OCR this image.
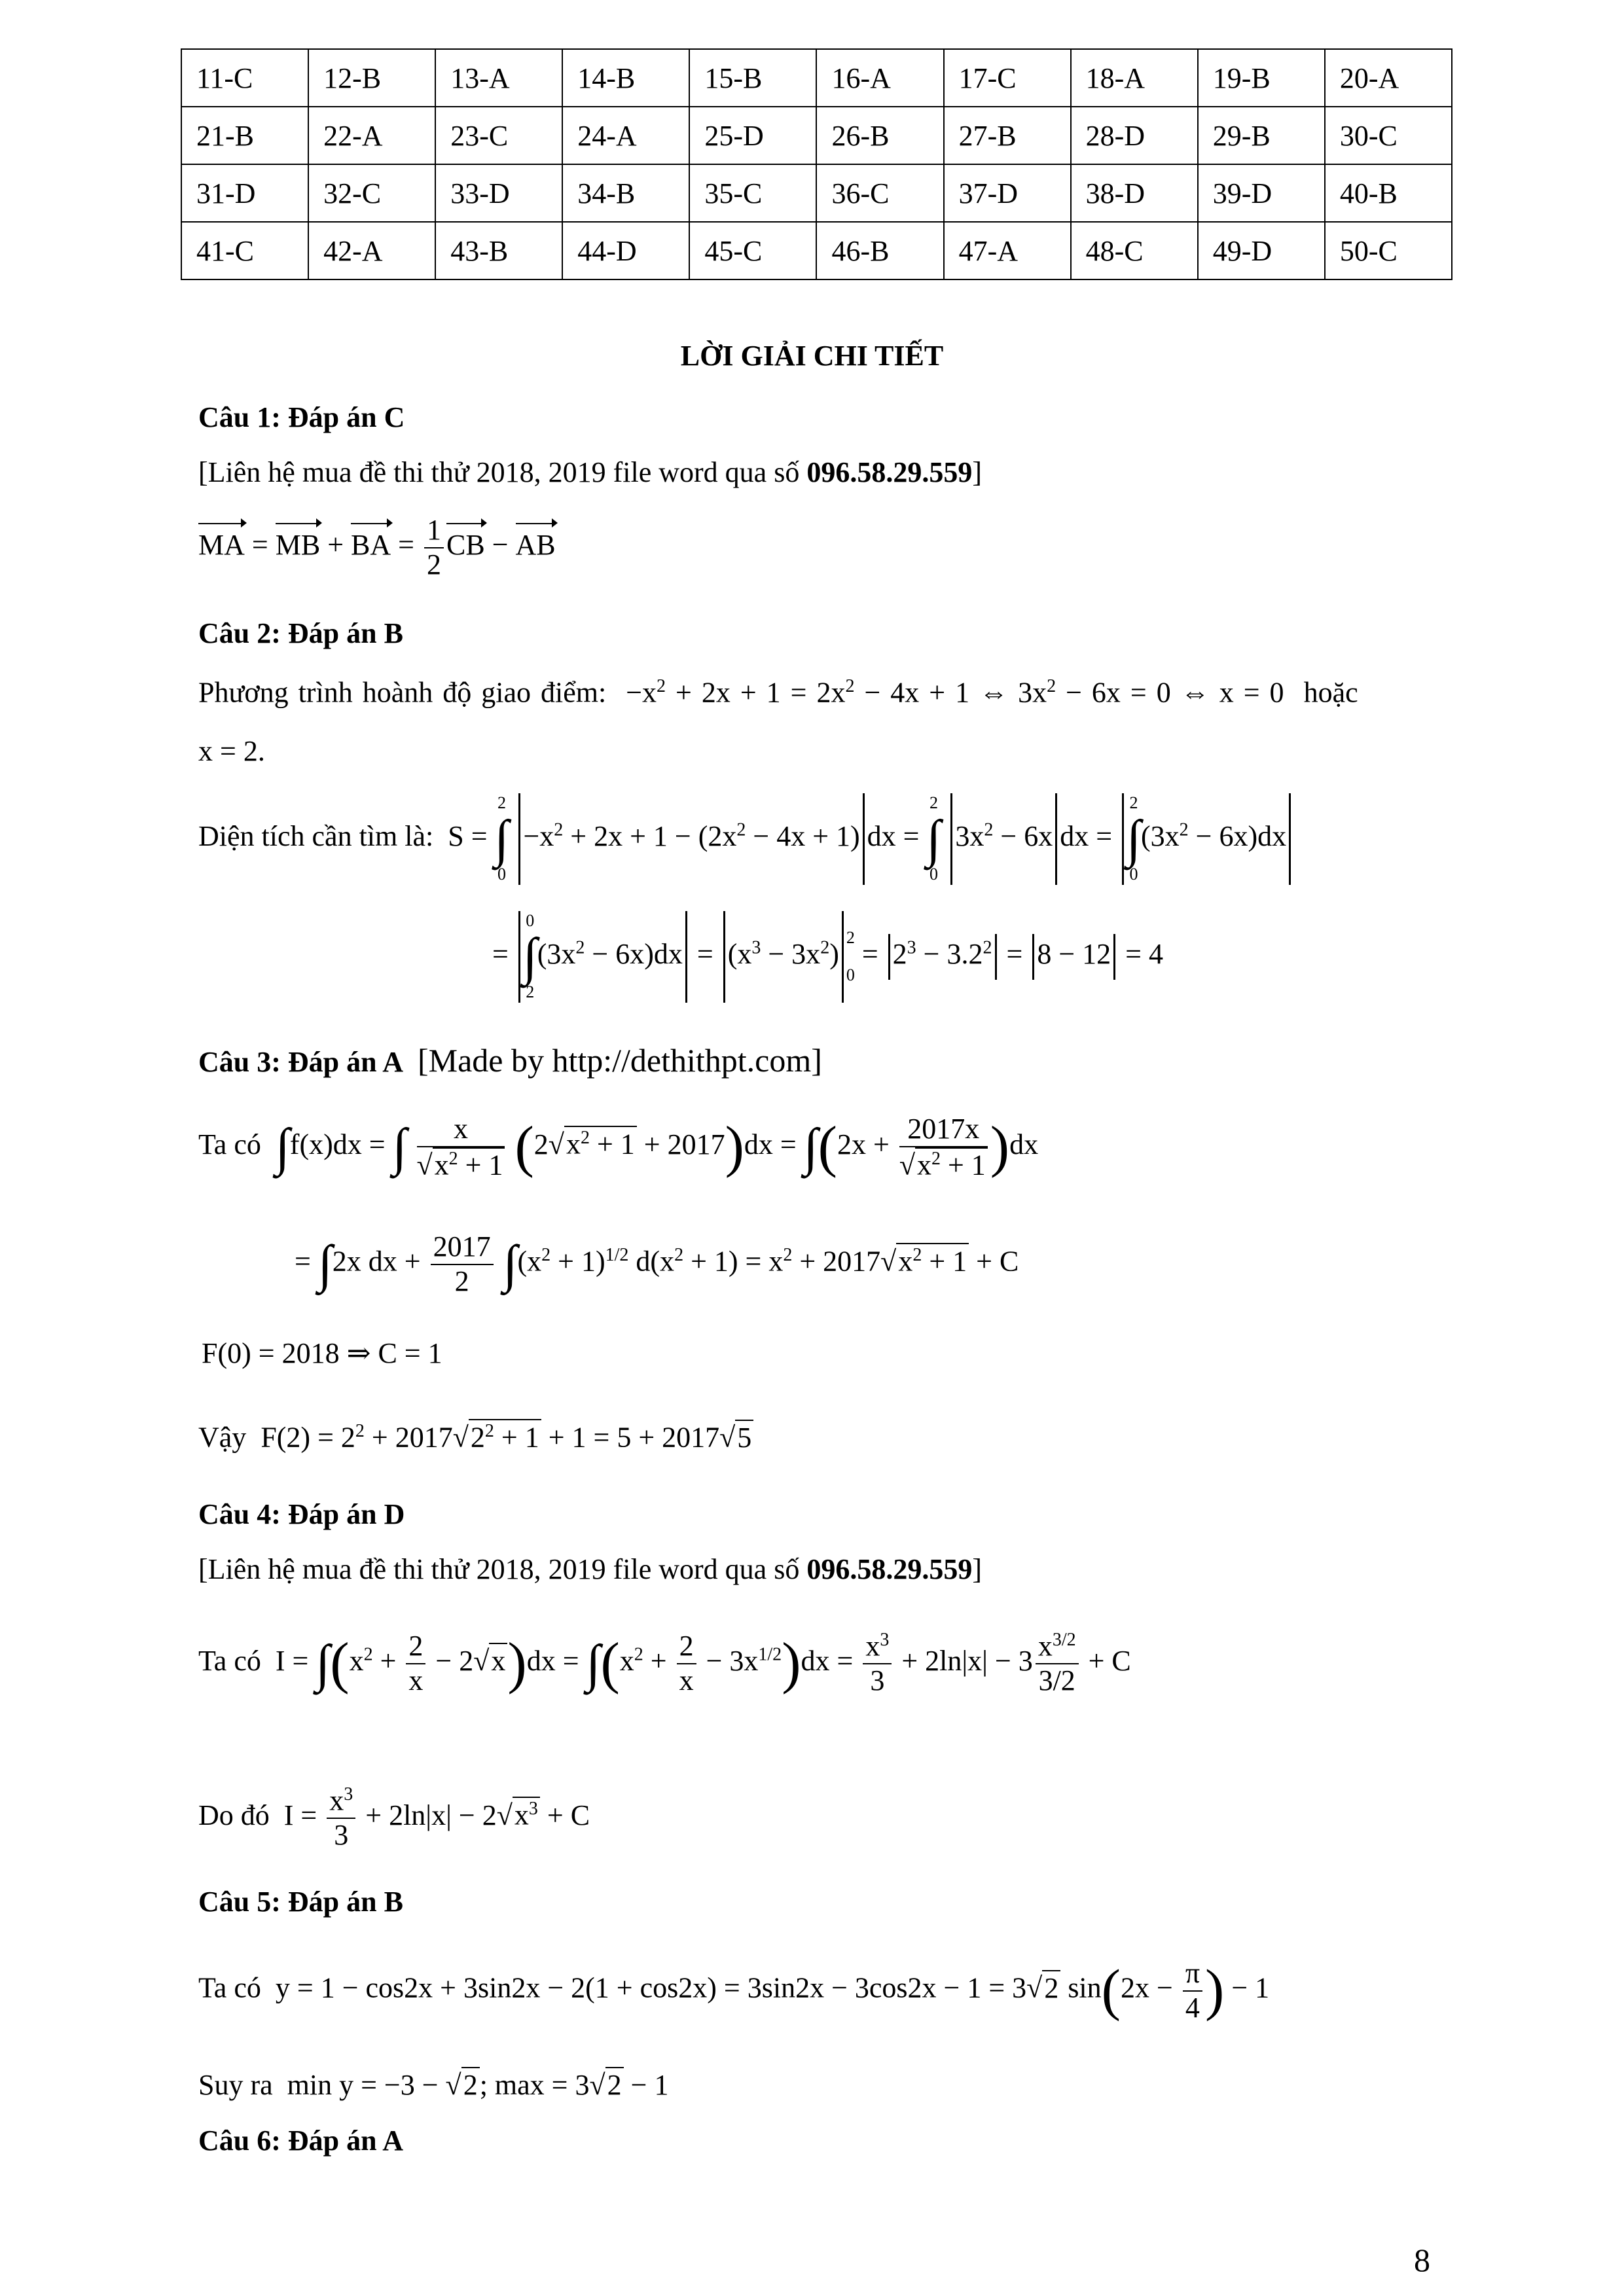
11-C	12-B	13-A	14-B	15-B	16-A	17-C	18-A	19-B	20-A
21-B	22-A	23-C	24-A	25-D	26-B	27-B	28-D	29-B	30-C
31-D	32-C	33-D	34-B	35-C	36-C	37-D	38-D	39-D	40-B
41-C	42-A	43-B	44-D	45-C	46-B	47-A	48-C	49-D	50-C
LỜI GIẢI CHI TIẾT
Câu 1: Đáp án C
[Liên hệ mua đề thi thử 2018, 2019 file word qua số 096.58.29.559]
MA = MB + BA = $\frac{1}{2}$ CB − AB
Câu 2: Đáp án B
Phương trình hoành độ giao điểm:  $-x^2 + 2x + 1 = 2x^2 - 4x + 1$ ⇔ $3x^2 - 6x = 0$ ⇔ x = 0  hoặc
x = 2.
Diện tích cần tìm là:  S = 2
∫
$0 -x^2 + 2x + 1 - (2x^2 - 4x + 1)$ dx = 2
∫
0 $3x^2 - 6x$ dx = 2
∫
$0(3x^2 - 6x)dx$
= 0
∫
$2(3x^2 - 6x)dx = (x^3 - 3x^2)2$

$0 = 2^3 - 3.2^2 = 8 - 12 = 4$
Câu 3: Đáp án A [Made by http://dethithpt.com]
Ta có ∫f(x)dx = ∫ $\frac{x}{√x^2 + 1} (2√x^2 + 1 + 2017)dx = \int(2x + \frac{2017x}{√x^2 + 1} )dx$
= ∫2x dx + $\frac{2017}{2} \int(x^2 + 1)^{1/2}$ $d(x^2 + 1) = x^2 + 2017√x^2 + 1 + C$
F(0) = 2018 ⇒ C = 1
Vậy  $F(2) = 2^2 + 2017√2^2 + 1 + 1 = 5 + 2017√5$
Câu 4: Đáp án D
[Liên hệ mua đề thi thử 2018, 2019 file word qua số 096.58.29.559]
Ta có  $I = \int(x^2 + \frac{2}{x} - 2√x)dx = \int(x^2 + \frac{2}{x} - 3x^{1/2})dx = \frac{x^3}{3} + 2\ln|x| - 3 \frac{x^{3/2}}{3/2} + C$
Do đó  $I = \frac{x^3}{3} + 2\ln|x| - 2√x^3 + C$
Câu 5: Đáp án B
Ta có  y = 1 − cos2x + 3sin2x − 2(1 + cos2x) = 3sin2x − 3cos2x − 1 = 3√2 $\sin(2x - \frac{\pi}{4}$ ) − 1
Suy ra  min y = −3 − √2; max = 3√2 − 1
Câu 6: Đáp án A
8
